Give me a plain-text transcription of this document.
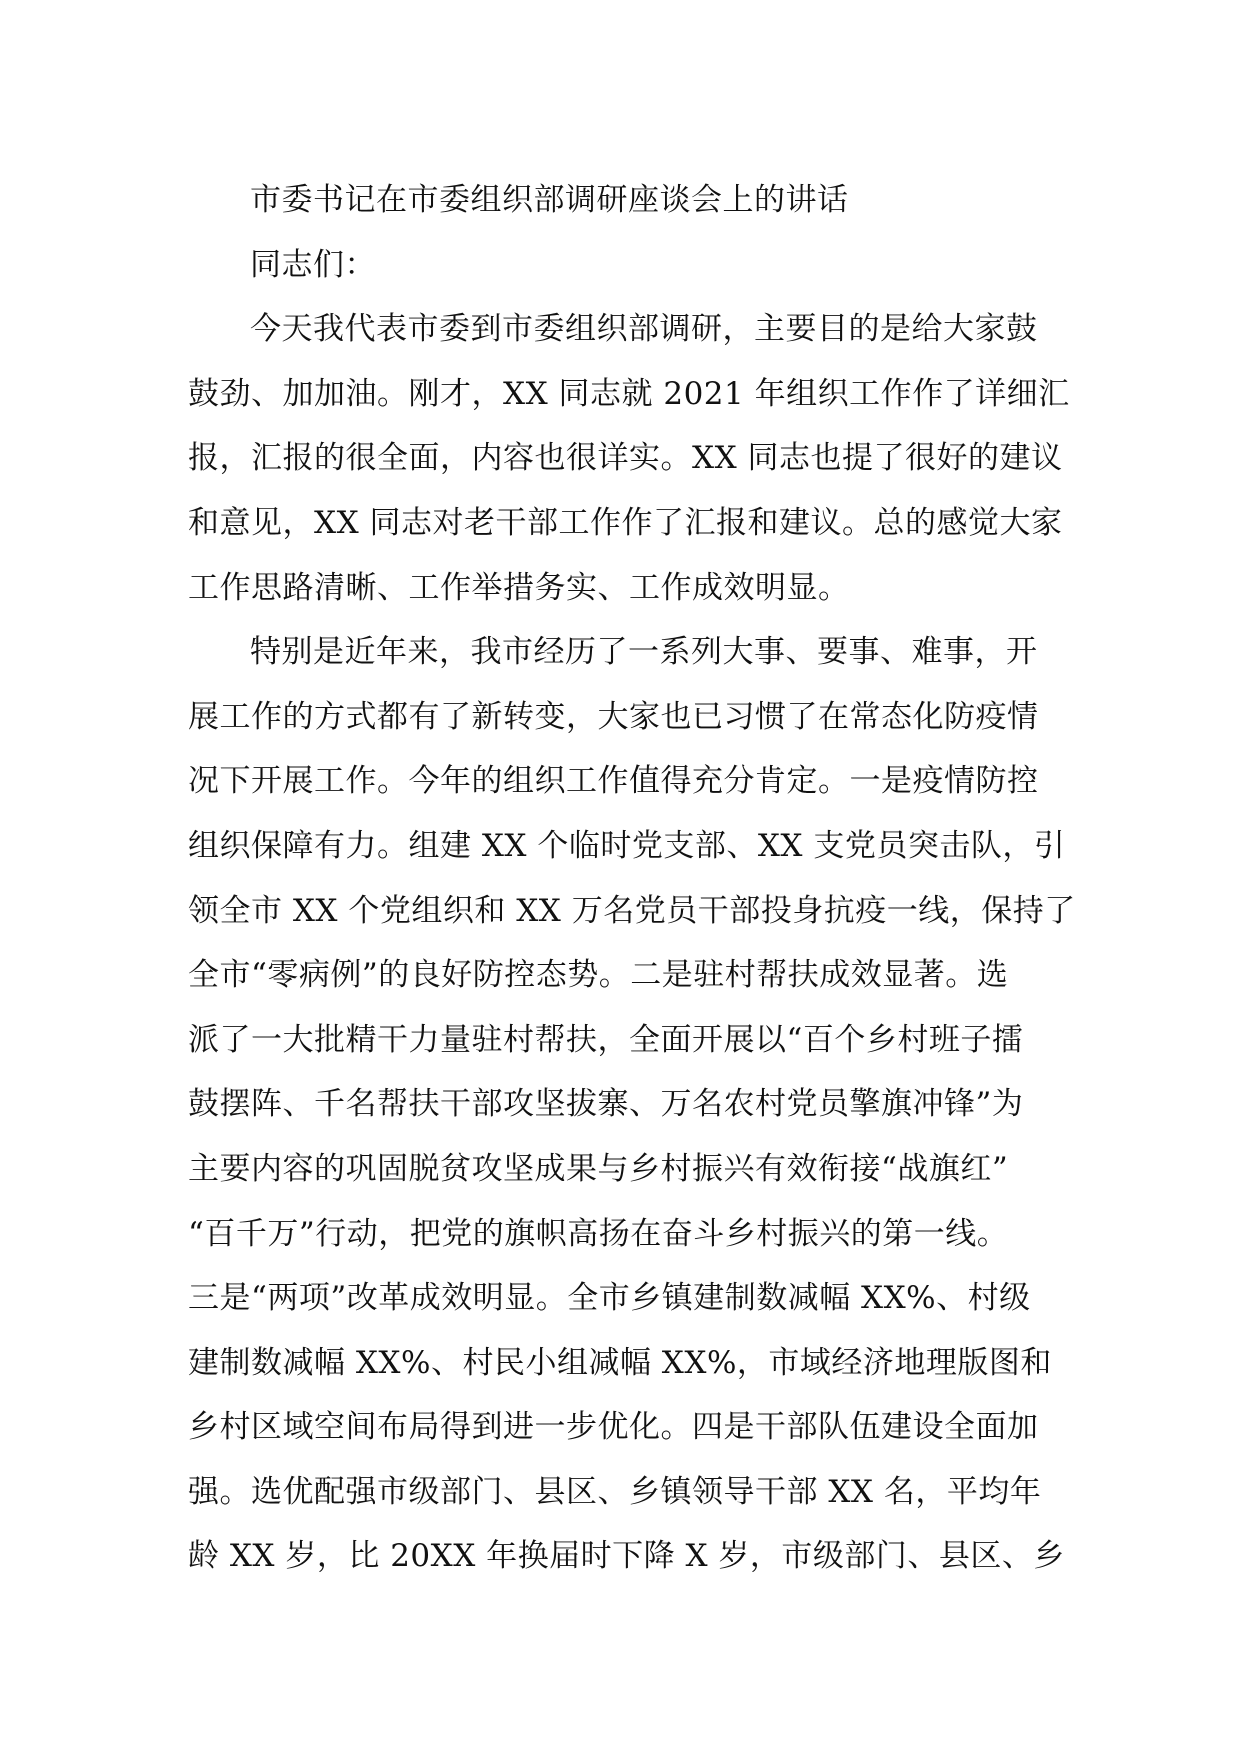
市委书记在市委组织部调研座谈会上的讲话
同志们：
今天我代表市委到市委组织部调研，主要目的是给大家鼓
鼓劲、加加油。刚才，XX 同志就 2021 年组织工作作了详细汇
报，汇报的很全面，内容也很详实。XX 同志也提了很好的建议
和意见，XX 同志对老干部工作作了汇报和建议。总的感觉大家
工作思路清晰、工作举措务实、工作成效明显。
特别是近年来，我市经历了一系列大事、要事、难事，开
展工作的方式都有了新转变，大家也已习惯了在常态化防疫情
况下开展工作。今年的组织工作值得充分肯定。一是疫情防控
组织保障有力。组建 XX 个临时党支部、XX 支党员突击队，引
领全市 XX 个党组织和 XX 万名党员干部投身抗疫一线，保持了
全市“零病例”的良好防控态势。二是驻村帮扶成效显著。选
派了一大批精干力量驻村帮扶，全面开展以“百个乡村班子擂
鼓摆阵、千名帮扶干部攻坚拔寨、万名农村党员擎旗冲锋”为
主要内容的巩固脱贫攻坚成果与乡村振兴有效衔接“战旗红”
“百千万”行动，把党的旗帜高扬在奋斗乡村振兴的第一线。
三是“两项”改革成效明显。全市乡镇建制数减幅 XX%、村级
建制数减幅 XX%、村民小组减幅 XX%，市域经济地理版图和
乡村区域空间布局得到进一步优化。四是干部队伍建设全面加
强。选优配强市级部门、县区、乡镇领导干部 XX 名，平均年
龄 XX 岁，比 20XX 年换届时下降 X 岁，市级部门、县区、乡
